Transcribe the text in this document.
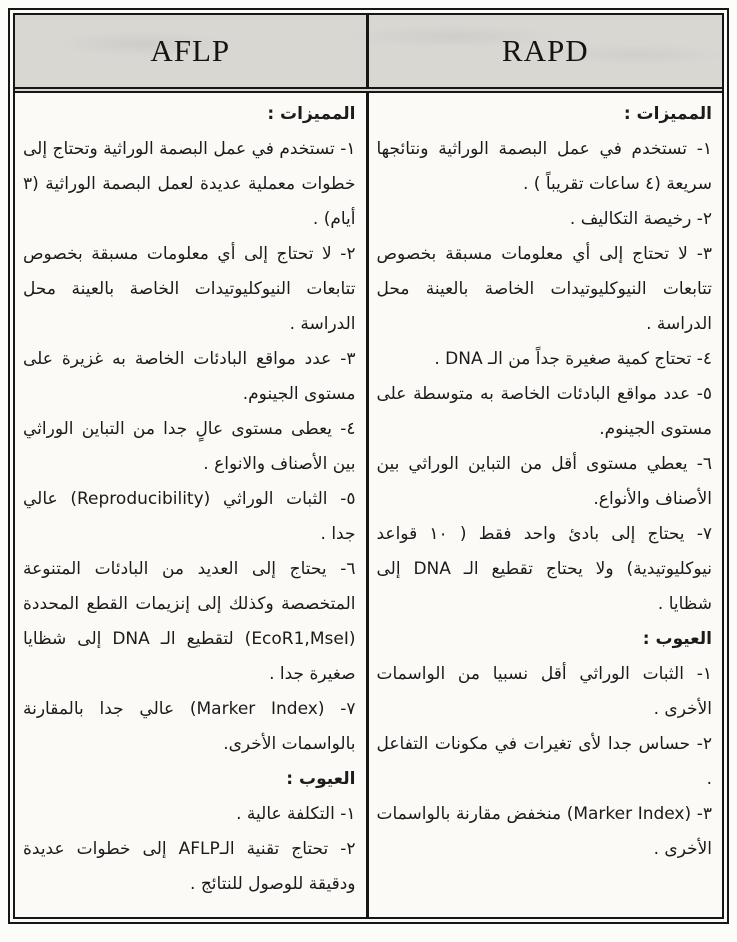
AFLP	RAPD
المميزات :
١- تستخدم في عمل البصمة الوراثية وتحتاج إلى خطوات معملية عديدة لعمل البصمة الوراثية (٣ أيام) .
٢- لا تحتاج إلى أي معلومات مسبقة بخصوص تتابعات النيوكليوتيدات الخاصة بالعينة محل الدراسة .
٣- عدد مواقع البادئات الخاصة به غزيرة على مستوى الجينوم.
٤- يعطى مستوى عالٍ جدا من التباين الوراثي بين الأصناف والانواع .
٥- الثبات الوراثي (Reproducibility) عالي جدا .
٦- يحتاج إلى العديد من البادئات المتنوعة المتخصصة وكذلك إلى إنزيمات القطع المحددة (EcoR1,MseI) لتقطيع الـ DNA إلى شظايا صغيرة جدا .
٧- (Marker Index) عالي جدا بالمقارنة بالواسمات الأخرى.
العيوب :
١- التكلفة عالية .
٢- تحتاج تقنية الـAFLP إلى خطوات عديدة ودقيقة للوصول للنتائج .
المميزات :
١- تستخدم في عمل البصمة الوراثية ونتائجها سريعة (٤ ساعات تقريباً ) .
٢- رخيصة التكاليف .
٣- لا تحتاج إلى أي معلومات مسبقة بخصوص تتابعات النيوكليوتيدات الخاصة بالعينة محل الدراسة .
٤- تحتاج كمية صغيرة جداً من الـ DNA .
٥- عدد مواقع البادئات الخاصة به متوسطة على مستوى الجينوم.
٦- يعطي مستوى أقل من التباين الوراثي بين الأصناف والأنواع.
٧- يحتاج إلى بادئ واحد فقط ( ١٠ قواعد نيوكليوتيدية) ولا يحتاج تقطيع الـ DNA إلى شظايا .
العيوب :
١- الثبات الوراثي أقل نسبيا من الواسمات الأخرى .
٢- حساس جدا لأى تغيرات في مكونات التفاعل .
٣- (Marker Index) منخفض مقارنة بالواسمات الأخرى .
